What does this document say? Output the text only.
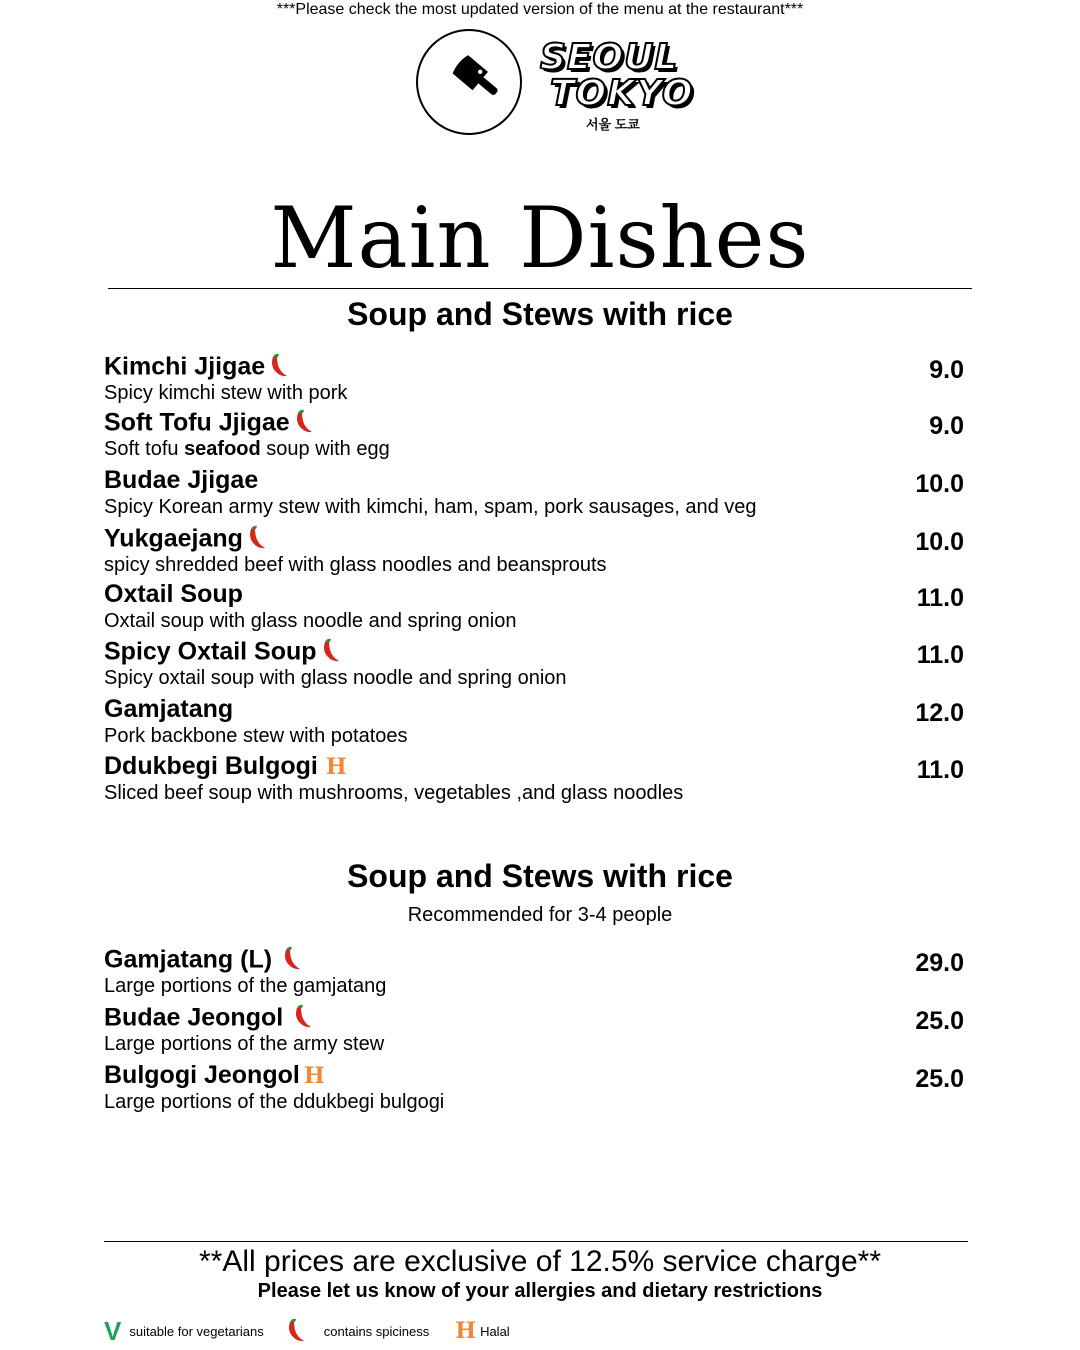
***Please check the most updated version of the menu at the restaurant***
SEOUL
TOKYO
서울 도쿄
Main Dishes
Soup and Stews with rice
Kimchi Jjigae
Spicy kimchi stew with pork
9.0
Soft Tofu Jjigae
Soft tofu seafood soup with egg
9.0
Budae Jjigae
Spicy Korean army stew with kimchi, ham, spam, pork sausages, and veg
10.0
Yukgaejang
spicy shredded beef with glass noodles and beansprouts
10.0
Oxtail Soup
Oxtail soup with glass noodle and spring onion
11.0
Spicy Oxtail Soup
Spicy oxtail soup with glass noodle and spring onion
11.0
Gamjatang
Pork backbone stew with potatoes
12.0
Ddukbegi Bulgogi H
Sliced beef soup with mushrooms, vegetables ,and glass noodles
11.0
Soup and Stews with rice
Recommended for 3-4 people
Gamjatang (L)
Large portions of the gamjatang
29.0
Budae Jeongol
Large portions of the army stew
25.0
Bulgogi Jeongol H
Large portions of the ddukbegi bulgogi
25.0
**All prices are exclusive of 12.5% service charge**
Please let us know of your allergies and dietary restrictions
V suitable for vegetarians	contains spiciness H Halal
